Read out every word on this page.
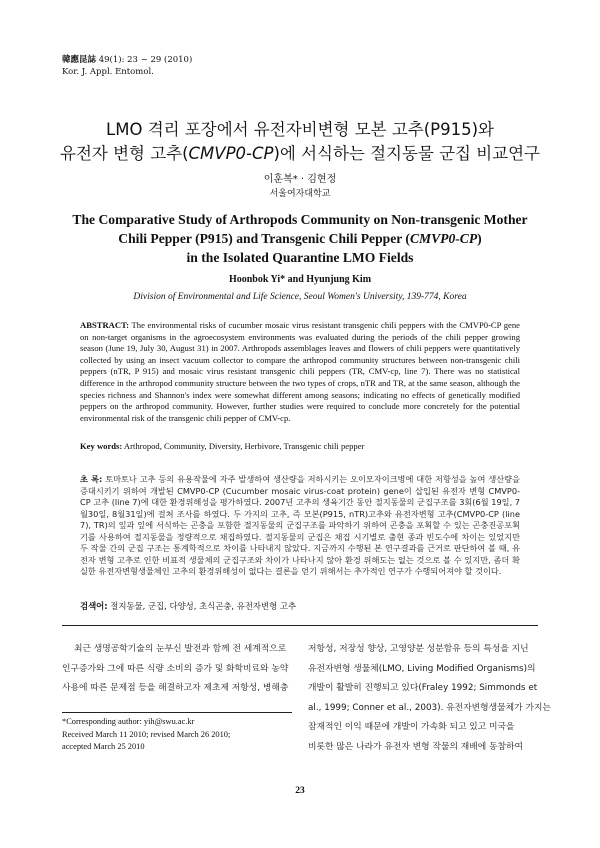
韓應昆誌 49(1): 23 ~ 29 (2010)
Kor. J. Appl. Entomol.
LMO 격리 포장에서 유전자비변형 모본 고추(P915)와
유전자 변형 고추(CMVP0-CP)에 서식하는 절지동물 군집 비교연구
이훈복* · 김현정
서울여자대학교
The Comparative Study of Arthropods Community on Non-transgenic Mother
Chili Pepper (P915) and Transgenic Chili Pepper (CMVP0-CP)
in the Isolated Quarantine LMO Fields
Hoonbok Yi* and Hyunjung Kim
Division of Environmental and Life Science, Seoul Women's University, 139-774, Korea
ABSTRACT: The environmental risks of cucumber mosaic virus resistant transgenic chili peppers with the CMVP0-CP gene on non-target organisms in the agroecosystem environments was evaluated during the periods of the chili pepper growing season (June 19, July 30, August 31) in 2007. Arthropods assemblages leaves and flowers of chili peppers were quantitatively collected by using an insect vacuum collector to compare the arthropod community structures between non-transgenic chili peppers (nTR, P 915) and mosaic virus resistant transgenic chili peppers (TR, CMV-cp, line 7). There was no statistical difference in the arthropod community structure between the two types of crops, nTR and TR, at the same season, although the species richness and Shannon's index were somewhat different among seasons; indicating no effects of genetically modified peppers on the arthropod community. However, further studies were required to conclude more concretely for the potential environmental risk of the transgenic chili pepper of CMV-cp.
Key words: Arthropod, Community, Diversity, Herbivore, Transgenic chili pepper
초 록: 토마토나 고추 등의 유용작물에 자주 발생하여 생산량을 저하시키는 오이모자이크병에 대한 저항성을 높여 생산량을 증대시키기 위하여 개발된 CMVP0-CP (Cucumber mosaic virus-coat protein) gene이 삽입된 유전자 변형 CMVP0-CP 고추 (line 7)에 대한 환경위해성을 평가하였다. 2007년 고추의 생육기간 동안 절지동물의 군집구조를 3회(6월 19일, 7월30일, 8월31일)에 걸쳐 조사를 하였다. 두 가지의 고추, 즉 모본(P915, nTR)고추와 유전자변형 고추(CMVP0-CP (line 7), TR)의 잎과 잎에 서식하는 곤충을 포함한 절지동물의 군집구조를 파악하기 위하여 곤충을 포획할 수 있는 곤충진공포획기를 사용하여 절지동물을 정량적으로 채집하였다. 절지동물의 군집은 채집 시기별로 출현 종과 빈도수에 차이는 있었지만 두 작물 간의 군집 구조는 통계학적으로 차이를 나타내지 않았다. 지금까지 수행된 본 연구결과를 근거로 판단하여 볼 때, 유전자 변형 고추로 인한 비표적 생물체의 군집구조와 차이가 나타나지 않아 환경 위해도는 없는 것으로 볼 수 있지만, 좀더 확실한 유전자변형생물체인 고추의 환경위해성이 없다는 결론을 얻기 위해서는 추가적인 연구가 수행되어져야 할 것이다.
검색어: 절지동물, 군집, 다양성, 초식곤충, 유전자변형 고추
최근 생명공학기술의 눈부신 발전과 함께 전 세계적으로
인구증가와 그에 따른 식량 소비의 증가 및 화학비료와 농약
사용에 따른 문제점 등을 해결하고자 제초제 저항성, 병해충
저항성, 저장성 향상, 고영양분 성분함유 등의 특성을 지닌
유전자변형 생물체(LMO, Living Modified Organisms)의
개발이 활발히 진행되고 있다(Fraley 1992; Simmonds et
al., 1999; Conner et al., 2003). 유전자변형생물체가 가지는
잠재적인 이익 때문에 개발이 가속화 되고 있고 미국을
비롯한 많은 나라가 유전자 변형 작물의 재배에 동참하여
*Corresponding author: yih@swu.ac.kr
Received March 11 2010; revised March 26 2010;
accepted March 25 2010
23
